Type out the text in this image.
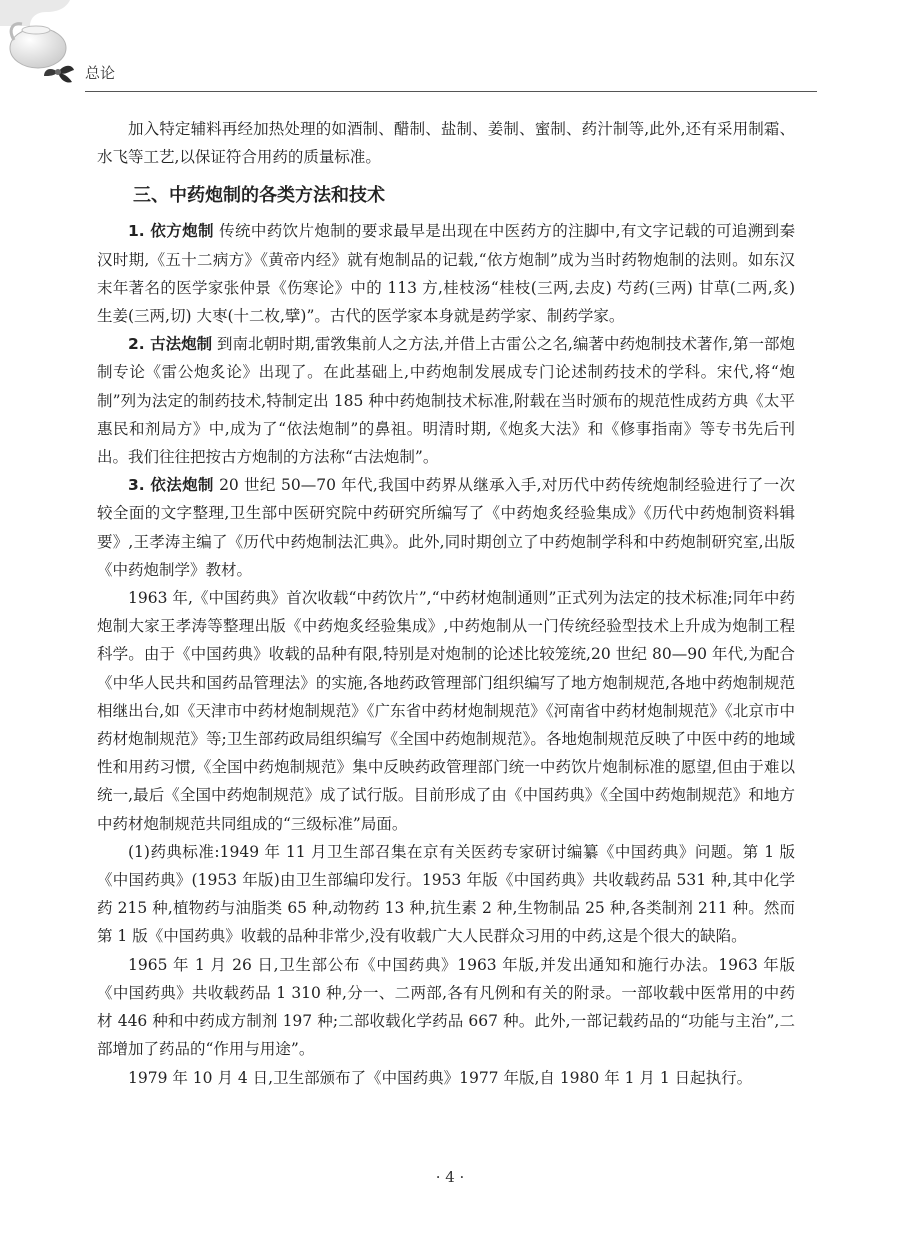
总论

加入特定辅料再经加热处理的如酒制、醋制、盐制、姜制、蜜制、药汁制等,此外,还有采用制霜、水飞等工艺,以保证符合用药的质量标准。

三、中药炮制的各类方法和技术

1. 依方炮制 传统中药饮片炮制的要求最早是出现在中医药方的注脚中,有文字记载的可追溯到秦汉时期,《五十二病方》《黄帝内经》就有炮制品的记载,“依方炮制”成为当时药物炮制的法则。如东汉末年著名的医学家张仲景《伤寒论》中的 113 方,桂枝汤“桂枝(三两,去皮) 芍药(三两) 甘草(二两,炙) 生姜(三两,切) 大枣(十二枚,擘)”。古代的医学家本身就是药学家、制药学家。

2. 古法炮制 到南北朝时期,雷敩集前人之方法,并借上古雷公之名,编著中药炮制技术著作,第一部炮制专论《雷公炮炙论》出现了。在此基础上,中药炮制发展成专门论述制药技术的学科。宋代,将“炮制”列为法定的制药技术,特制定出 185 种中药炮制技术标准,附载在当时颁布的规范性成药方典《太平惠民和剂局方》中,成为了“依法炮制”的鼻祖。明清时期,《炮炙大法》和《修事指南》等专书先后刊出。我们往往把按古方炮制的方法称“古法炮制”。

3. 依法炮制 20 世纪 50—70 年代,我国中药界从继承入手,对历代中药传统炮制经验进行了一次较全面的文字整理,卫生部中医研究院中药研究所编写了《中药炮炙经验集成》《历代中药炮制资料辑要》,王孝涛主编了《历代中药炮制法汇典》。此外,同时期创立了中药炮制学科和中药炮制研究室,出版《中药炮制学》教材。

1963 年,《中国药典》首次收载“中药饮片”,“中药材炮制通则”正式列为法定的技术标准;同年中药炮制大家王孝涛等整理出版《中药炮炙经验集成》,中药炮制从一门传统经验型技术上升成为炮制工程科学。由于《中国药典》收载的品种有限,特别是对炮制的论述比较笼统,20 世纪 80—90 年代,为配合《中华人民共和国药品管理法》的实施,各地药政管理部门组织编写了地方炮制规范,各地中药炮制规范相继出台,如《天津市中药材炮制规范》《广东省中药材炮制规范》《河南省中药材炮制规范》《北京市中药材炮制规范》等;卫生部药政局组织编写《全国中药炮制规范》。各地炮制规范反映了中医中药的地域性和用药习惯,《全国中药炮制规范》集中反映药政管理部门统一中药饮片炮制标准的愿望,但由于难以统一,最后《全国中药炮制规范》成了试行版。目前形成了由《中国药典》《全国中药炮制规范》和地方中药材炮制规范共同组成的“三级标准”局面。

(1)药典标准:1949 年 11 月卫生部召集在京有关医药专家研讨编纂《中国药典》问题。第 1 版《中国药典》(1953 年版)由卫生部编印发行。1953 年版《中国药典》共收载药品 531 种,其中化学药 215 种,植物药与油脂类 65 种,动物药 13 种,抗生素 2 种,生物制品 25 种,各类制剂 211 种。然而第 1 版《中国药典》收载的品种非常少,没有收载广大人民群众习用的中药,这是个很大的缺陷。

1965 年 1 月 26 日,卫生部公布《中国药典》1963 年版,并发出通知和施行办法。1963 年版《中国药典》共收载药品 1 310 种,分一、二两部,各有凡例和有关的附录。一部收载中医常用的中药材 446 种和中药成方制剂 197 种;二部收载化学药品 667 种。此外,一部记载药品的“功能与主治”,二部增加了药品的“作用与用途”。

1979 年 10 月 4 日,卫生部颁布了《中国药典》1977 年版,自 1980 年 1 月 1 日起执行。

· 4 ·
